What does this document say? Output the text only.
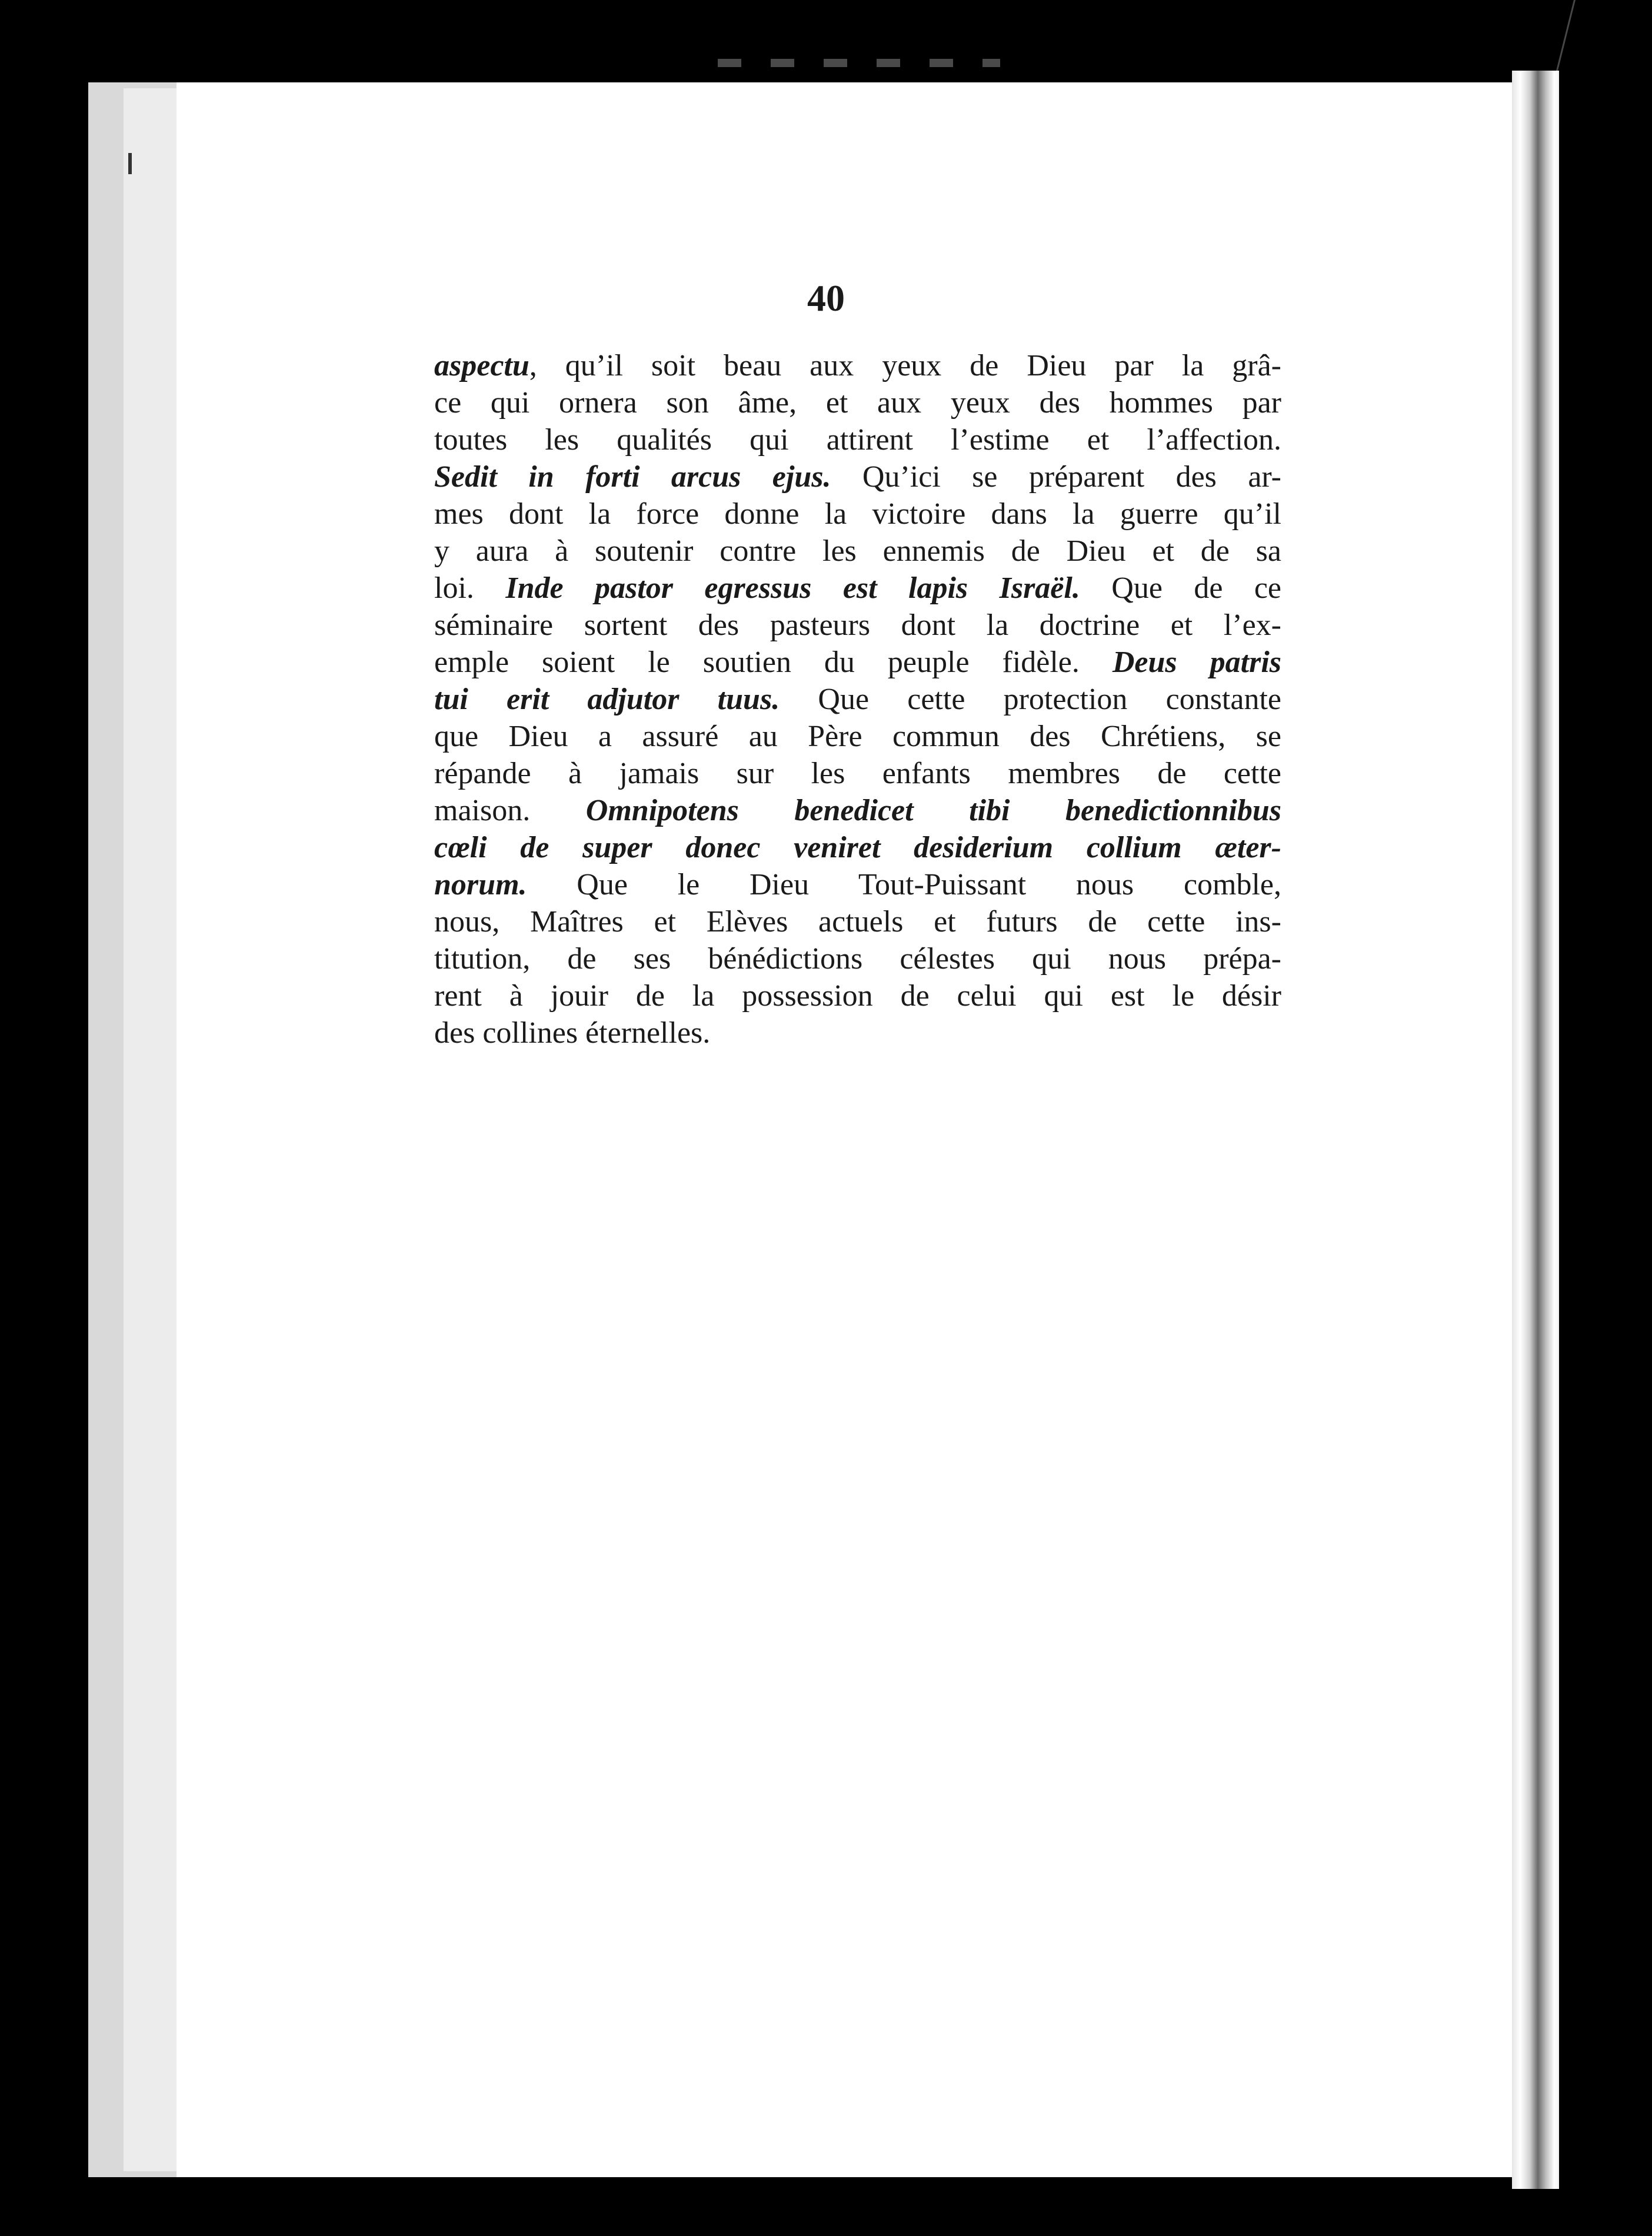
40
aspectu, qu’il soit beau aux yeux de Dieu par la grâ-
ce qui ornera son âme, et aux yeux des hommes par
toutes les qualités qui attirent l’estime et l’affection.
Sedit in forti arcus ejus. Qu’ici se préparent des ar-
mes dont la force donne la victoire dans la guerre qu’il
y aura à soutenir contre les ennemis de Dieu et de sa
loi. Inde pastor egressus est lapis Israël. Que de ce
séminaire sortent des pasteurs dont la doctrine et l’ex-
emple soient le soutien du peuple fidèle. Deus patris
tui erit adjutor tuus. Que cette protection constante
que Dieu a assuré au Père commun des Chrétiens, se
répande à jamais sur les enfants membres de cette
maison. Omnipotens benedicet tibi benedictionnibus
cœli de super donec veniret desiderium collium æter-
norum. Que le Dieu Tout-Puissant nous comble,
nous, Maîtres et Elèves actuels et futurs de cette ins-
titution, de ses bénédictions célestes qui nous prépa-
rent à jouir de la possession de celui qui est le désir
des collines éternelles.
